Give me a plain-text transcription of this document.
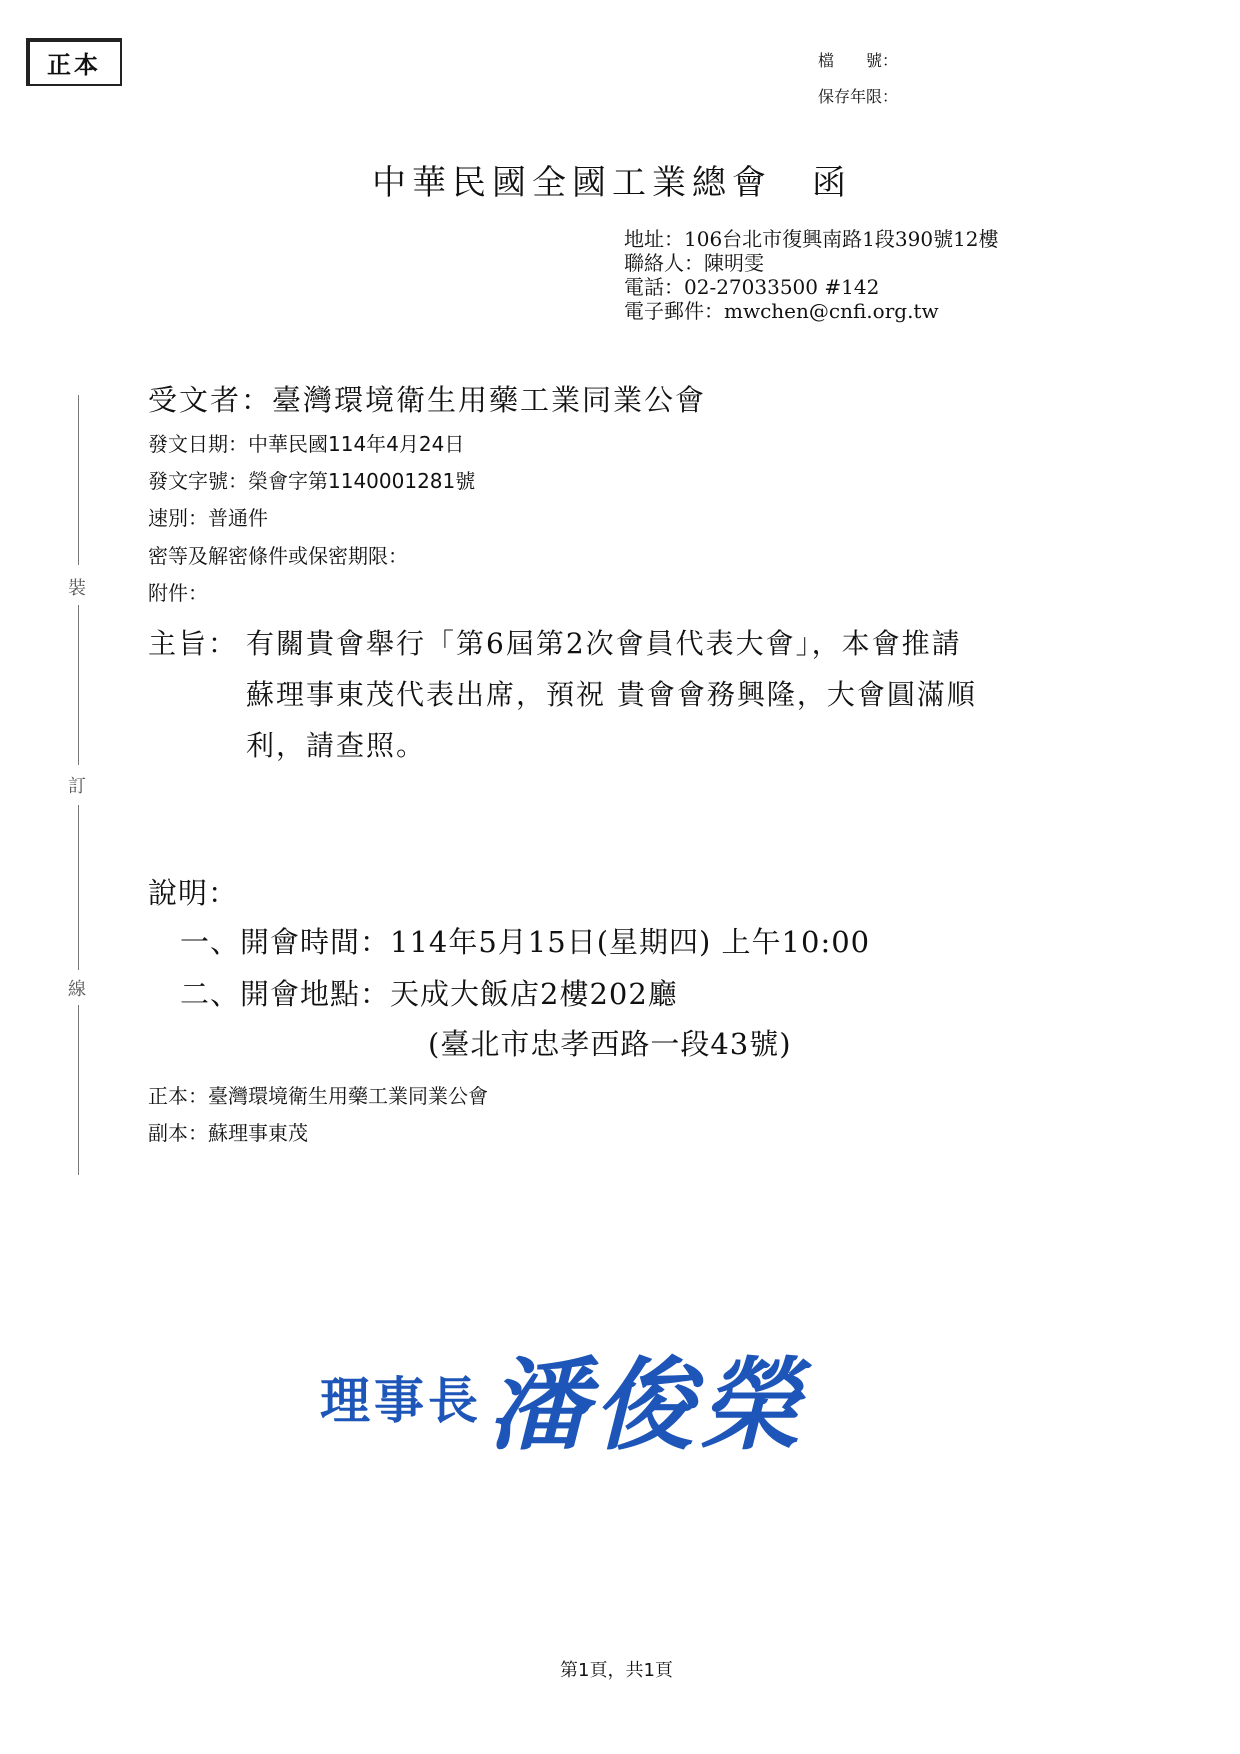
正本	檔　　號：
保存年限：
中華民國全國工業總會　函
地址：106台北市復興南路1段390號12樓
聯絡人：陳明雯
電話：02-27033500 #142
電子郵件：mwchen@cnfi.org.tw
裝
訂
線
受文者：臺灣環境衛生用藥工業同業公會
發文日期：中華民國114年4月24日
發文字號：榮會字第1140001281號
速別：普通件
密等及解密條件或保密期限：
附件：
主旨： 有關貴會舉行「第6屆第2次會員代表大會」，本會推請
蘇理事東茂代表出席，預祝 貴會會務興隆，大會圓滿順
利，請查照。
說明：
一、開會時間：114年5月15日(星期四) 上午10:00
二、開會地點：天成大飯店2樓202廳
(臺北市忠孝西路一段43號)
正本：臺灣環境衛生用藥工業同業公會
副本：蘇理事東茂
理事長 潘俊榮
第1頁，共1頁
